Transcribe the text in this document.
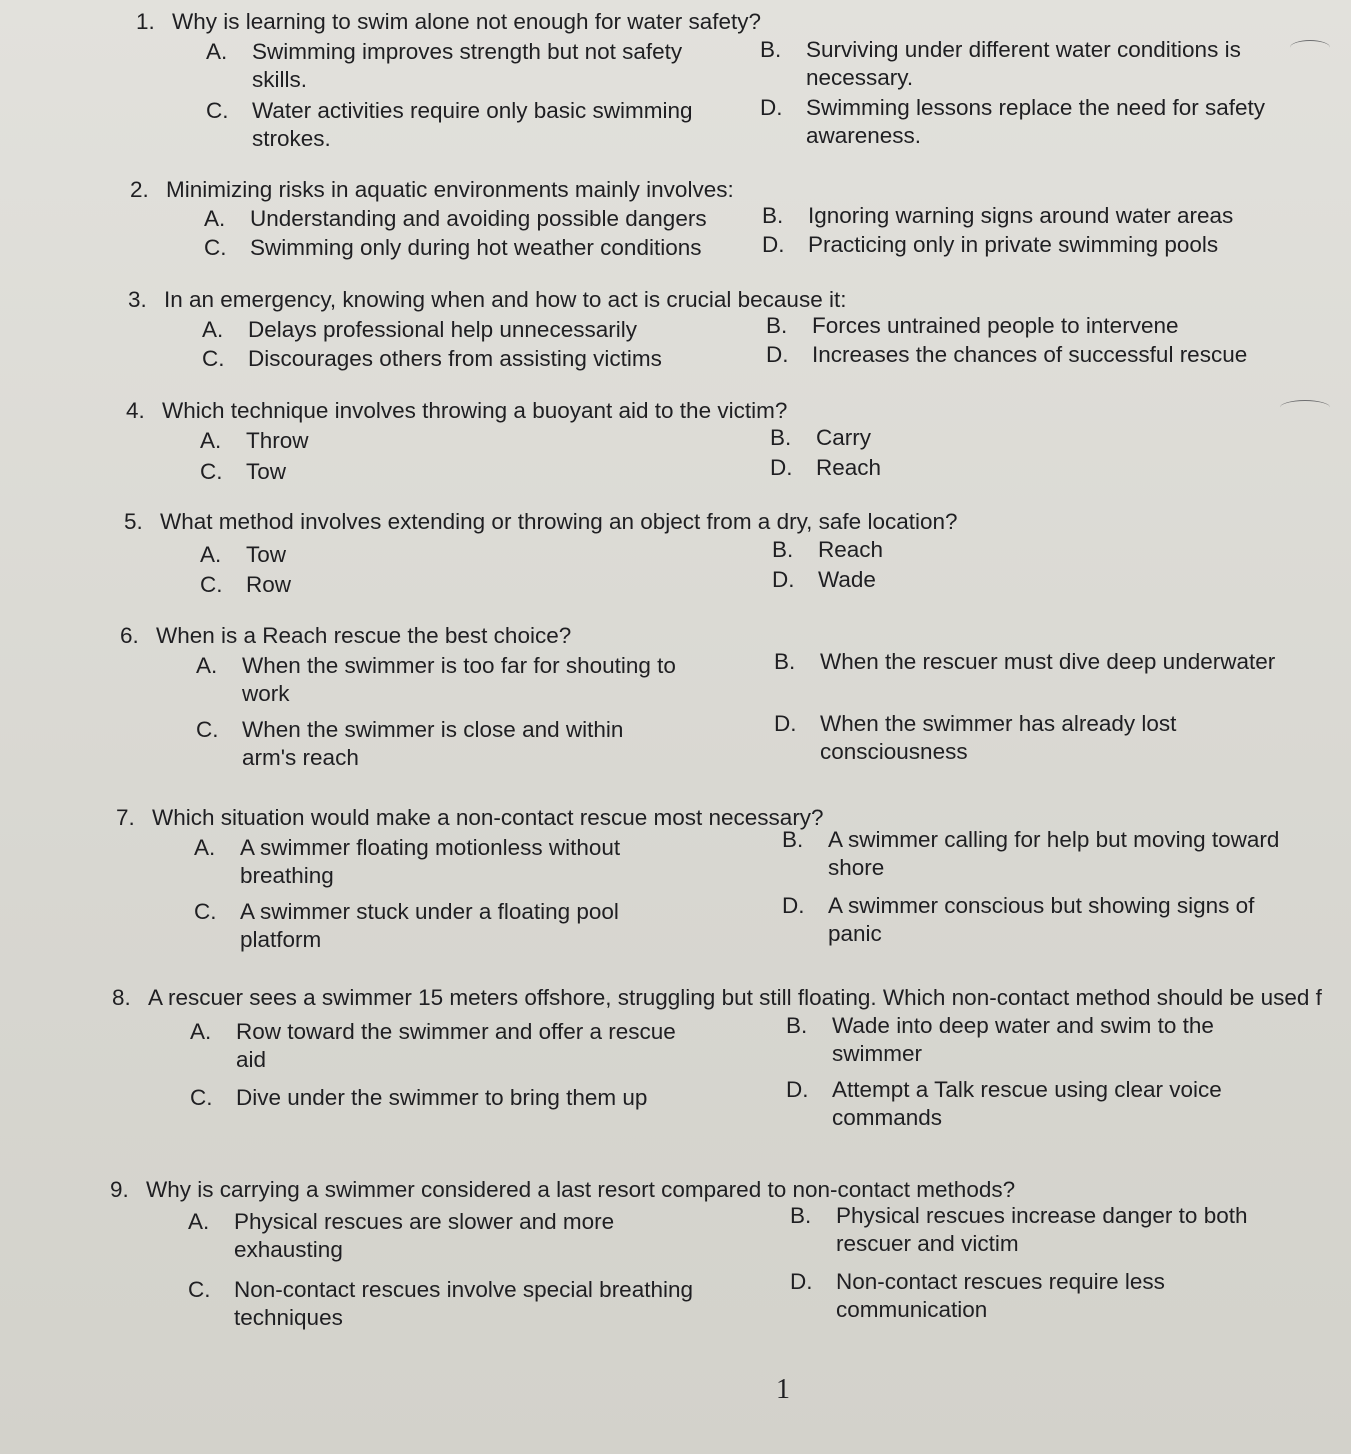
1. Why is learning to swim alone not enough for water safety?
A. Swimming improves strength but not safety skills.
B. Surviving under different water conditions is necessary.
C. Water activities require only basic swimming strokes.
D. Swimming lessons replace the need for safety awareness.
2. Minimizing risks in aquatic environments mainly involves:
A. Understanding and avoiding possible dangers B. Ignoring warning signs around water areas
C. Swimming only during hot weather conditions	D. Practicing only in private swimming pools
3. In an emergency, knowing when and how to act is crucial because it:
A. Delays professional help unnecessarily	B. Forces untrained people to intervene
C. Discourages others from assisting victims	D. Increases the chances of successful rescue
4. Which technique involves throwing a buoyant aid to the victim?
A. Throw	B. Carry
C. Tow	D. Reach
5. What method involves extending or throwing an object from a dry, safe location?
A. Tow	B. Reach
C. Row	D. Wade
6. When is a Reach rescue the best choice?
A. When the swimmer is too far for shouting to work
B. When the rescuer must dive deep underwater
C. When the swimmer is close and within arm's reach
D. When the swimmer has already lost consciousness
7. Which situation would make a non-contact rescue most necessary?
A. A swimmer floating motionless without breathing
B. A swimmer calling for help but moving toward shore
C. A swimmer stuck under a floating pool platform
D. A swimmer conscious but showing signs of panic
8. A rescuer sees a swimmer 15 meters offshore, struggling but still floating. Which non-contact method should be used f
A. Row toward the swimmer and offer a rescue aid
B. Wade into deep water and swim to the swimmer
C. Dive under the swimmer to bring them up	D. Attempt a Talk rescue using clear voice commands
9. Why is carrying a swimmer considered a last resort compared to non-contact methods?
A. Physical rescues are slower and more exhausting
B. Physical rescues increase danger to both rescuer and victim
C. Non-contact rescues involve special breathing techniques
D. Non-contact rescues require less communication
1
